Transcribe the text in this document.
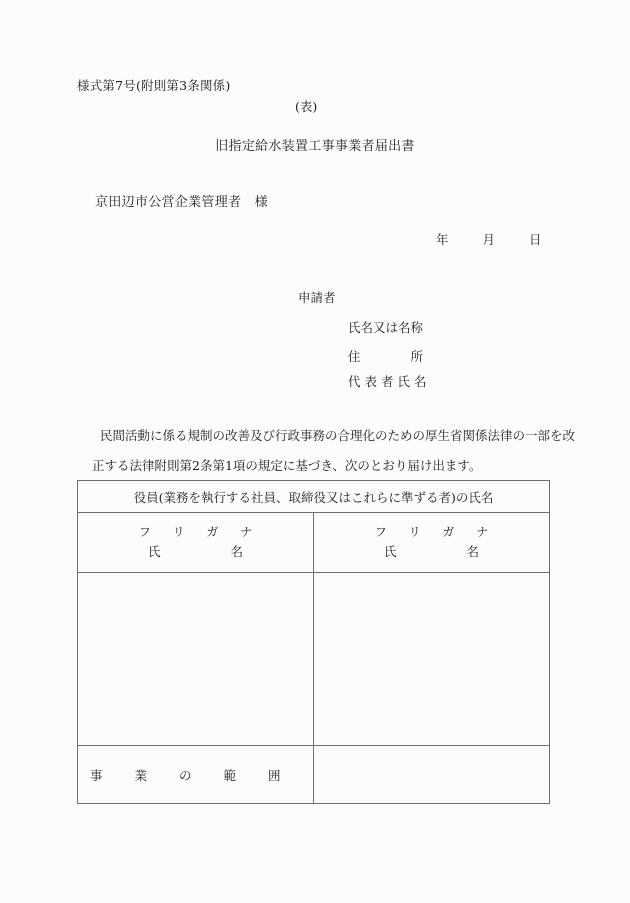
様式第7号(附則第3条関係)
(表)
旧指定給水装置工事事業者届出書
京田辺市公営企業管理者　様
年	月	日
申請者
氏名又は名称
住	所
代 表 者 氏 名
民間活動に係る規制の改善及び行政事務の合理化のための厚生省関係法律の一部を改
正する法律附則第2条第1項の規定に基づき、次のとおり届け出ます。
役員(業務を執行する社員、取締役又はこれらに準ずる者)の氏名	

フ リ ガ ナ
氏	名

フ リ ガ ナ
氏	名

事 業 の 範 囲	
